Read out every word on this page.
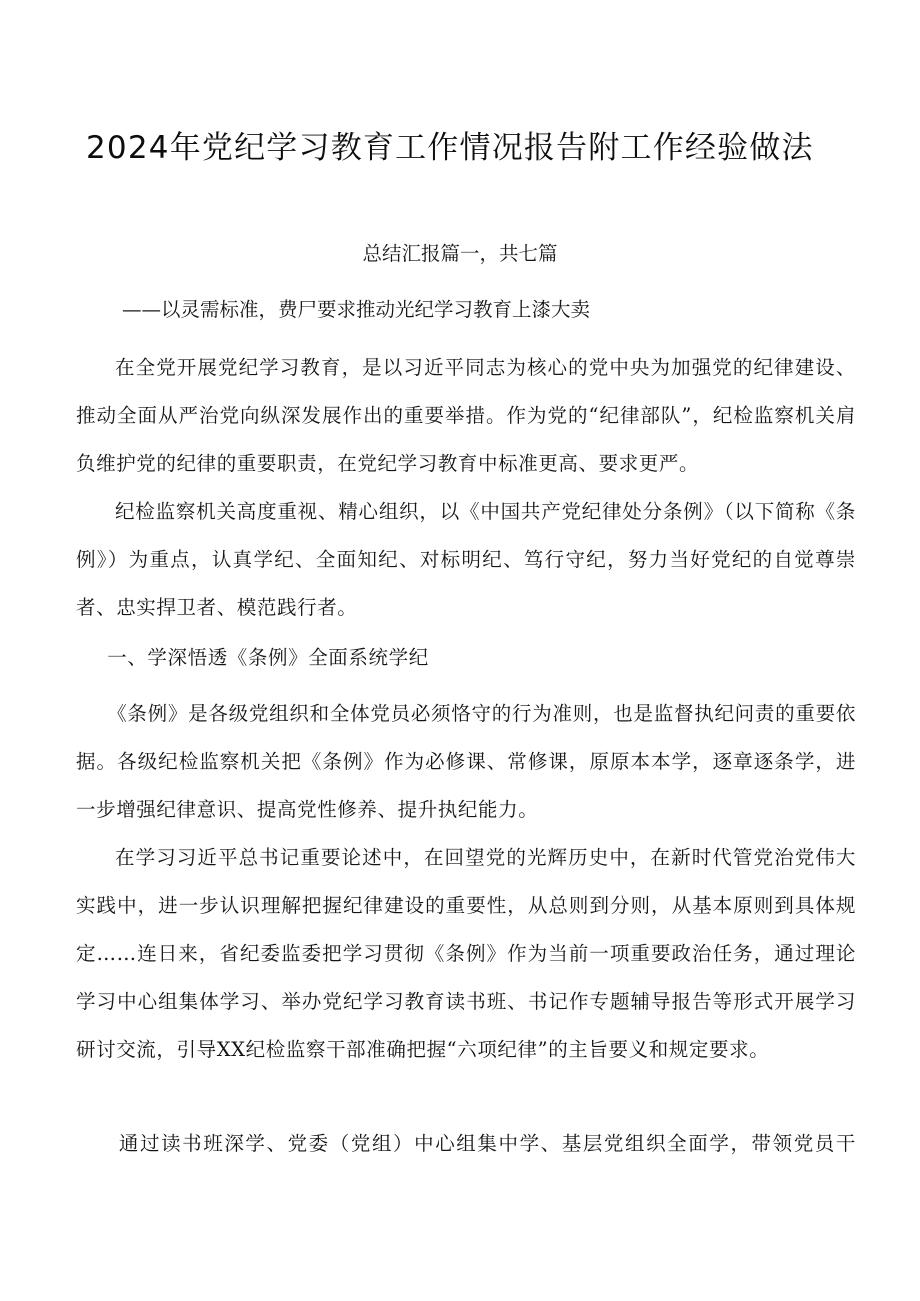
2024年党纪学习教育工作情况报告附工作经验做法
总结汇报篇一，共七篇
——以灵需标准，费尸要求推动光纪学习教育上漆大卖
在全党开展党纪学习教育，是以习近平同志为核心的党中央为加强党的纪律建设、推动全面从严治党向纵深发展作出的重要举措。作为党的“纪律部队”，纪检监察机关肩负维护党的纪律的重要职责，在党纪学习教育中标准更高、要求更严。
纪检监察机关高度重视、精心组织，以《中国共产党纪律处分条例》（以下简称《条例》）为重点，认真学纪、全面知纪、对标明纪、笃行守纪，努力当好党纪的自觉尊崇者、忠实捍卫者、模范践行者。
一、学深悟透《条例》全面系统学纪
《条例》是各级党组织和全体党员必须恪守的行为准则，也是监督执纪问责的重要依据。各级纪检监察机关把《条例》作为必修课、常修课，原原本本学，逐章逐条学，进一步增强纪律意识、提高党性修养、提升执纪能力。
在学习习近平总书记重要论述中，在回望党的光辉历史中，在新时代管党治党伟大实践中，进一步认识理解把握纪律建设的重要性，从总则到分则，从基本原则到具体规定……连日来，省纪委监委把学习贯彻《条例》作为当前一项重要政治任务，通过理论学习中心组集体学习、举办党纪学习教育读书班、书记作专题辅导报告等形式开展学习研讨交流，引导XX纪检监察干部准确把握“六项纪律”的主旨要义和规定要求。
通过读书班深学、党委（党组）中心组集中学、基层党组织全面学，带领党员干
